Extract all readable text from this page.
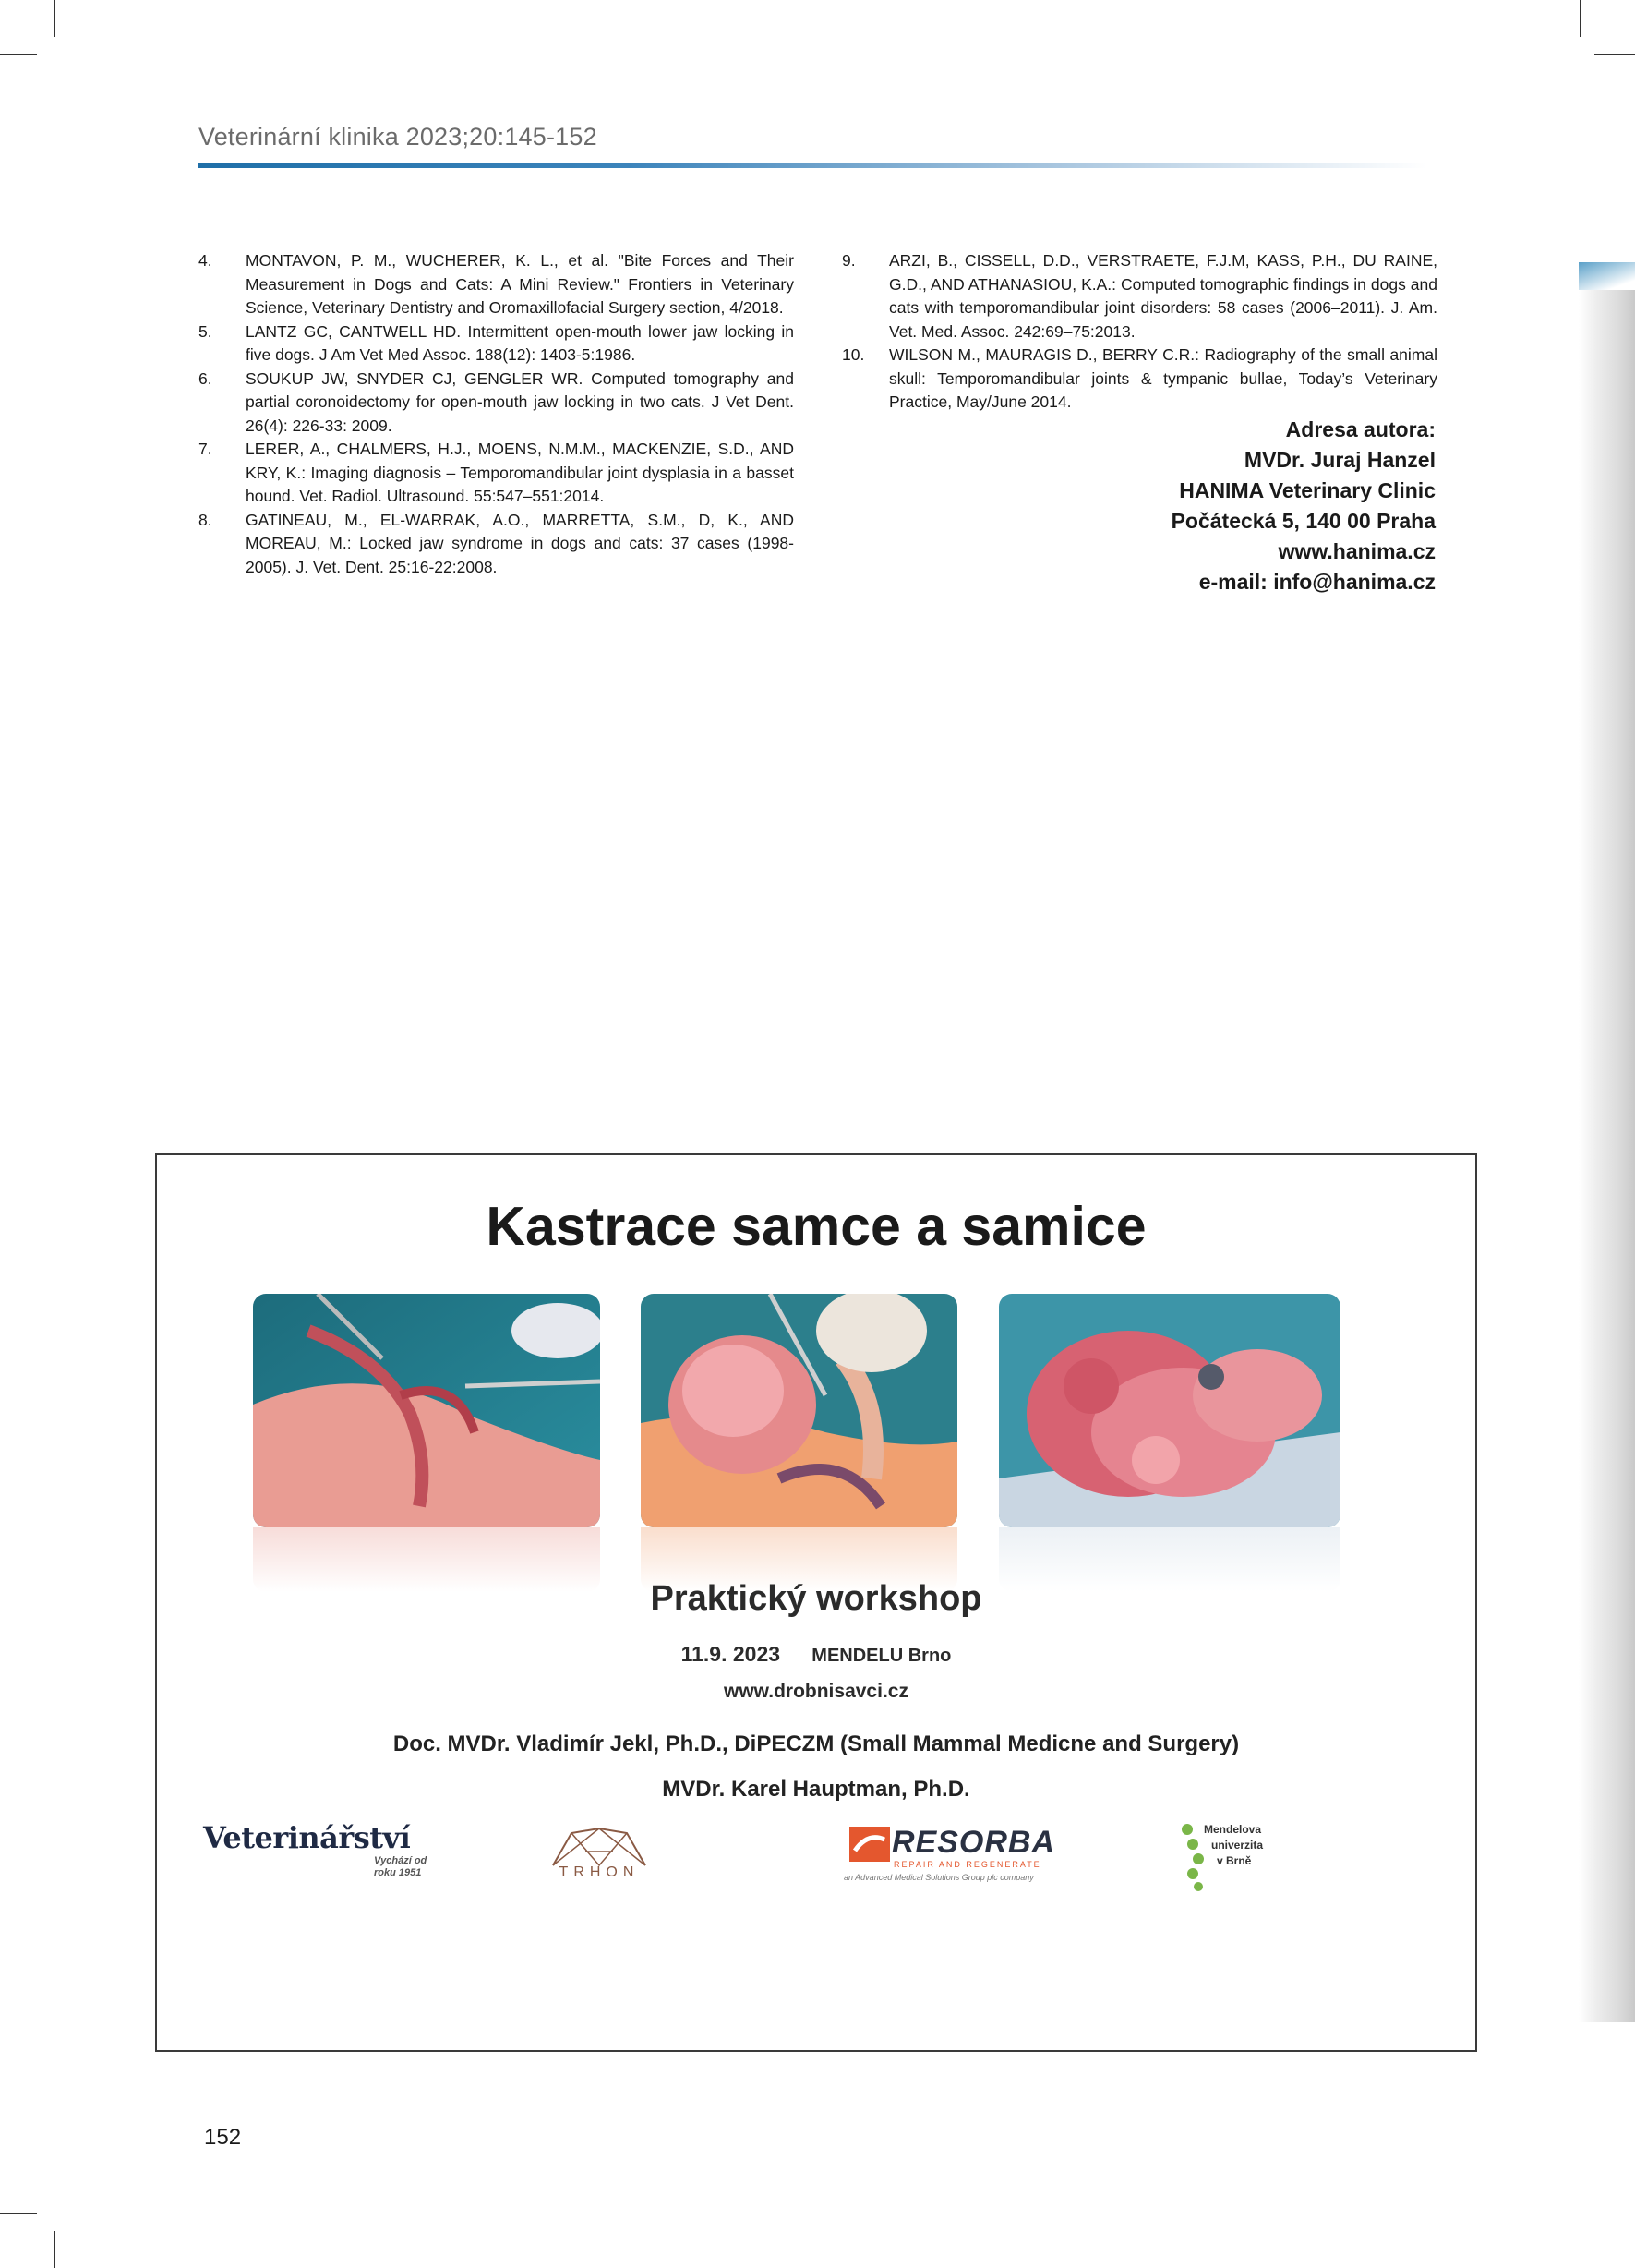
Veterinární klinika 2023;20:145-152
4.	MONTAVON, P. M., WUCHERER, K. L., et al. "Bite Forces and Their Measurement in Dogs and Cats: A Mini Review." Frontiers in Veterinary Science, Veterinary Dentistry and Oromaxillofacial Surgery section, 4/2018.
5.	LANTZ GC, CANTWELL HD. Intermittent open-mouth lower jaw locking in five dogs. J Am Vet Med Assoc. 188(12): 1403-5:1986.
6.	SOUKUP JW, SNYDER CJ, GENGLER WR. Computed tomography and partial coronoidectomy for open-mouth jaw locking in two cats. J Vet Dent. 26(4): 226-33: 2009.
7.	LERER, A., CHALMERS, H.J., MOENS, N.M.M., MACKENZIE, S.D., AND KRY, K.: Imaging diagnosis – Temporomandibular joint dysplasia in a basset hound. Vet. Radiol. Ultrasound. 55:547–551:2014.
8.	GATINEAU, M., EL-WARRAK, A.O., MARRETTA, S.M., D, K., AND MOREAU, M.: Locked jaw syndrome in dogs and cats: 37 cases (1998-2005). J. Vet. Dent. 25:16-22:2008.
9.	ARZI, B., CISSELL, D.D., VERSTRAETE, F.J.M, KASS, P.H., DU RAINE, G.D., AND ATHANASIOU, K.A.: Computed tomographic findings in dogs and cats with temporomandibular joint disorders: 58 cases (2006–2011). J. Am. Vet. Med. Assoc. 242:69–75:2013.
10.	WILSON M., MAURAGIS D., BERRY C.R.: Radiography of the small animal skull: Temporomandibular joints & tympanic bullae, Today’s Veterinary Practice, May/June 2014.
Adresa autora:
MVDr. Juraj Hanzel
HANIMA Veterinary Clinic
Počátecká 5, 140 00 Praha
www.hanima.cz
e-mail: info@hanima.cz
Kastrace samce a samice
Praktický workshop
11.9. 2023 MENDELU Brno
www.drobnisavci.cz
Doc. MVDr. Vladimír Jekl, Ph.D., DiPECZM (Small Mammal Medicne and Surgery)
MVDr. Karel Hauptman, Ph.D.
Veterinářství
Vychází od roku 1951	TRHON
RESORBA
REPAIR AND REGENERATE
an Advanced Medical Solutions Group plc company
Mendelova
univerzita
v Brně
152
